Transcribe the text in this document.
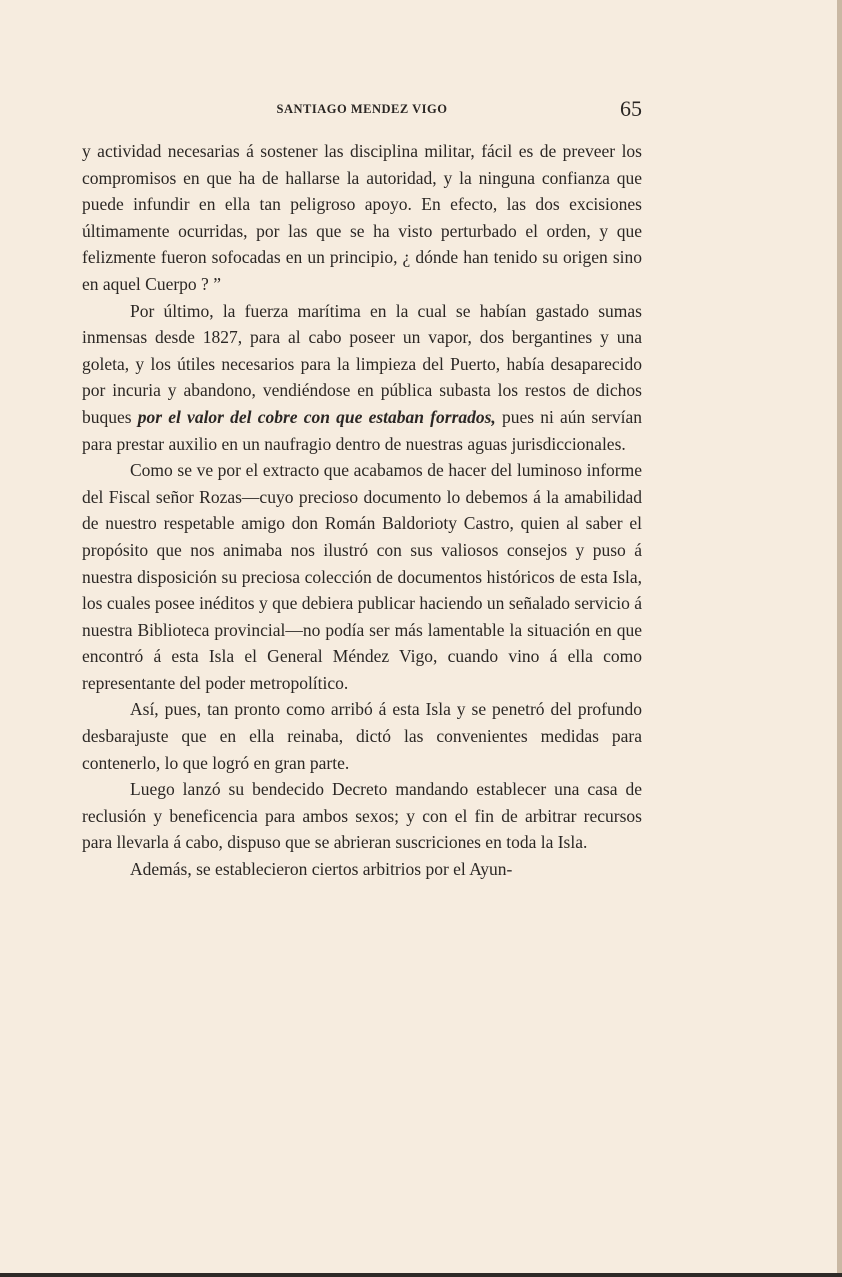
SANTIAGO MENDEZ VIGO	65

y actividad necesarias á sostener las disciplina militar, fácil es de preveer los compromisos en que ha de hallarse la autoridad, y la ninguna confianza que puede infundir en ella tan peligroso apoyo. En efecto, las dos excisiones últimamente ocurridas, por las que se ha visto perturbado el orden, y que felizmente fueron sofocadas en un principio, ¿ dónde han tenido su origen sino en aquel Cuerpo ? ”

Por último, la fuerza marítima en la cual se habían gastado sumas inmensas desde 1827, para al cabo poseer un vapor, dos bergantines y una goleta, y los útiles necesarios para la limpieza del Puerto, había desaparecido por incuria y abandono, vendiéndose en pública subasta los restos de dichos buques por el valor del cobre con que estaban forrados, pues ni aún servían para prestar auxilio en un naufragio dentro de nuestras aguas jurisdiccionales.

Como se ve por el extracto que acabamos de hacer del luminoso informe del Fiscal señor Rozas—cuyo precioso documento lo debemos á la amabilidad de nuestro respetable amigo don Román Baldorioty Castro, quien al saber el propósito que nos animaba nos ilustró con sus valiosos consejos y puso á nuestra disposición su preciosa colección de documentos históricos de esta Isla, los cuales posee inéditos y que debiera publicar haciendo un señalado servicio á nuestra Biblioteca provincial—no podía ser más lamentable la situación en que encontró á esta Isla el General Méndez Vigo, cuando vino á ella como representante del poder metropolítico.

Así, pues, tan pronto como arribó á esta Isla y se penetró del profundo desbarajuste que en ella reinaba, dictó las convenientes medidas para contenerlo, lo que logró en gran parte.

Luego lanzó su bendecido Decreto mandando establecer una casa de reclusión y beneficencia para ambos sexos; y con el fin de arbitrar recursos para llevarla á cabo, dispuso que se abrieran suscriciones en toda la Isla.

Además, se establecieron ciertos arbitrios por el Ayun-
